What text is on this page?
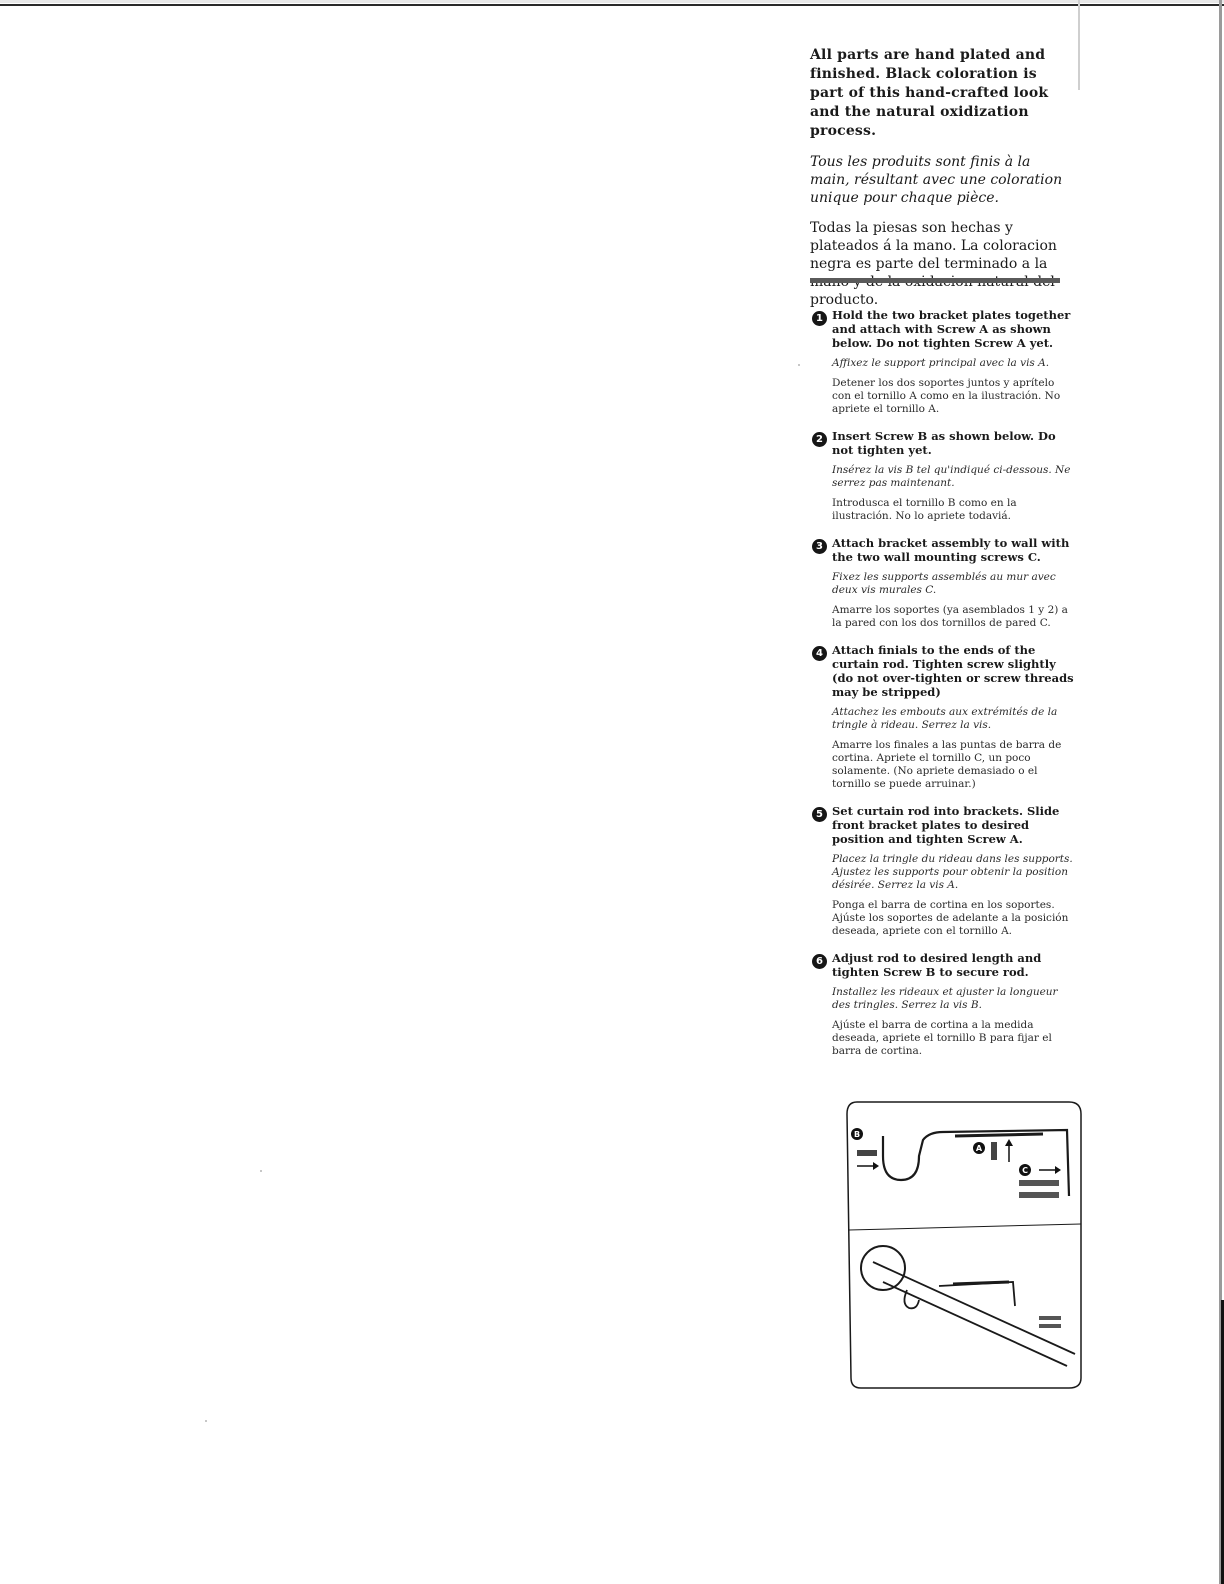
All parts are hand plated and finished. Black coloration is part of this hand-crafted look and the natural oxidization process.

Tous les produits sont finis à la main, résultant avec une coloration unique pour chaque pièce.

Todas la piesas son hechas y plateados á la mano. La coloracion negra es parte del terminado a la producto.

1 Hold the two bracket plates together and attach with Screw A as shown below. Do not tighten Screw A yet.

Affixez le support principal avec la vis A.

Detener los dos soportes juntos y aprítelo con el tornillo A como en la ilustración. No apriete el tornillo A.

2 Insert Screw B as shown below. Do not tighten yet.

Insérez la vis B tel qu'indiqué ci-dessous. Ne serrez pas maintenant.

Introdusca el tornillo B como en la ilustración. No lo apriete todaviá.

3 Attach bracket assembly to wall with the two wall mounting screws C.

Fixez les supports assemblés au mur avec deux vis murales C.

Amarre los soportes (ya asemblados 1 y 2) a la pared con los dos tornillos de pared C.

4 Attach finials to the ends of the curtain rod. Tighten screw slightly (do not over-tighten or screw threads may be stripped)

Attachez les embouts aux extrémités de la tringle à rideau. Serrez la vis.

Amarre los finales a las puntas de barra de cortina. Apriete el tornillo C, un poco solamente. (No apriete demasiado o el tornillo se puede arruinar.)

5 Set curtain rod into brackets. Slide front bracket plates to desired position and tighten Screw A.

Placez la tringle du rideau dans les supports. Ajustez les supports pour obtenir la position désirée. Serrez la vis A.

Ponga el barra de cortina en los soportes. Ajúste los soportes de adelante a la posición deseada, apriete con el tornillo A.

6 Adjust rod to desired length and tighten Screw B to secure rod.

Installez les rideaux et ajuster la longueur des tringles. Serrez la vis B.

Ajúste el barra de cortina a la medida deseada, apriete el tornillo B para fijar el barra de cortina.

B
A
C
